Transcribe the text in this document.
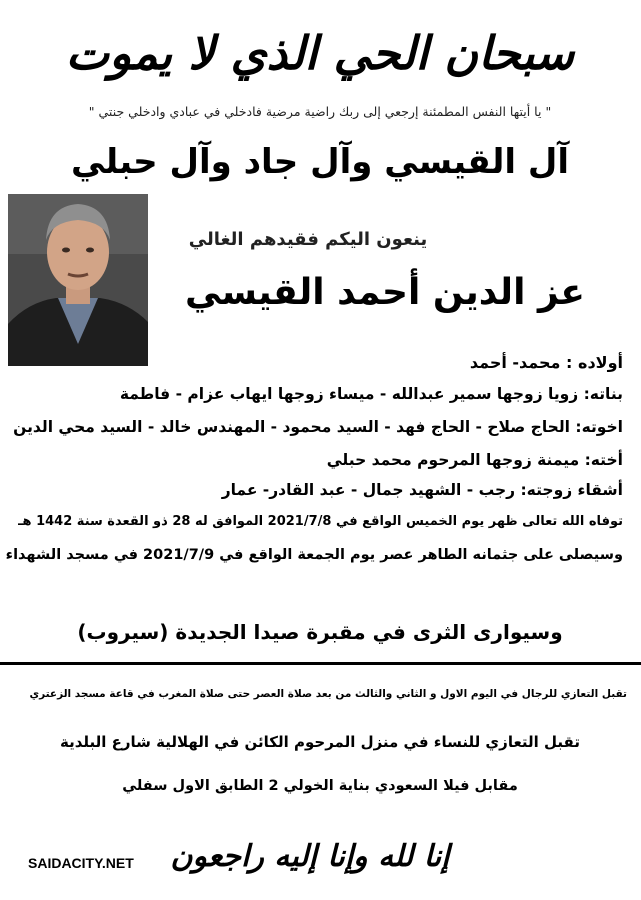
سبحان الحي الذي لا يموت
" يا أيتها النفس المطمئنة إرجعي إلى ربك راضية مرضية فادخلي في عبادي وادخلي جنتي "
آل القيسي وآل جاد وآل حبلي
ينعون اليكم فقيدهم الغالي
عز الدين أحمد القيسي
أولاده : محمد- أحمد
بناته: زويا زوجها سمير عبدالله - ميساء زوجها ايهاب عزام - فاطمة
اخوته: الحاج صلاح - الحاج فهد - السيد محمود - المهندس خالد - السيد محي الدين
أخته: ميمنة زوجها المرحوم محمد حبلي
أشقاء زوجته: رجب - الشهيد جمال - عبد القادر- عمار
توفاه الله تعالى ظهر يوم الخميس الواقع في 2021/7/8 الموافق له 28 ذو القعدة سنة 1442 هـ
وسيصلى على جثمانه الطاهر عصر يوم الجمعة الواقع في 2021/7/9 في مسجد الشهداء
وسيوارى الثرى في مقبرة صيدا الجديدة (سيروب)
تقبل التعازي للرجال في اليوم الاول و الثاني والثالث من بعد صلاة العصر حتى صلاة المغرب في قاعة مسجد الزعتري
تقبل التعازي للنساء في منزل المرحوم الكائن في الهلالية شارع البلدية
مقابل فيلا السعودي بناية الخولي 2 الطابق الاول سفلي
إنا لله وإنا إليه راجعون
SAIDACITY.NET
